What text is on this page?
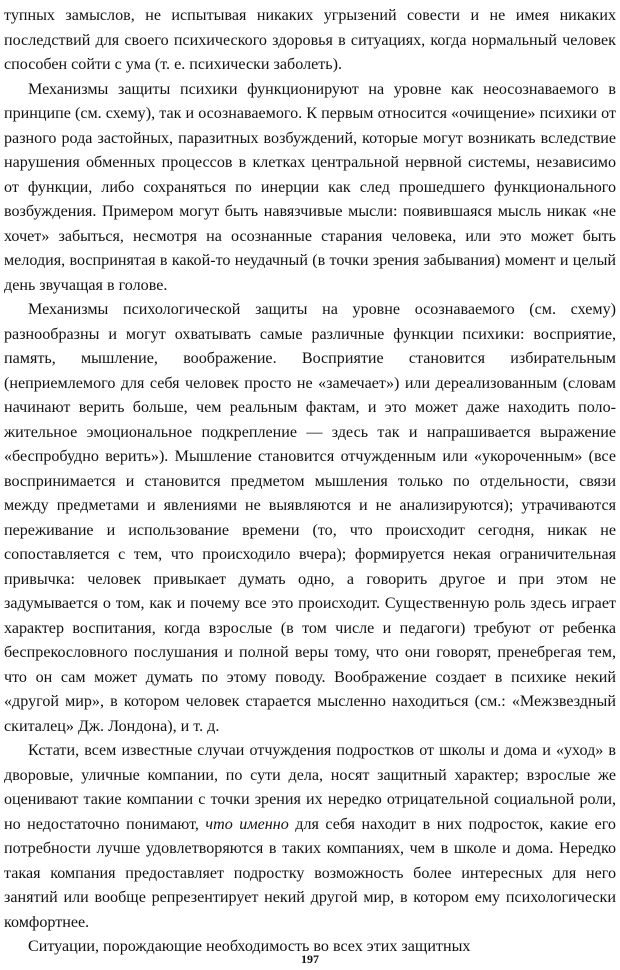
тупных замыслов, не испытывая никаких угрызений совести и не имея никаких последствий для своего психического здоровья в ситуациях, когда нормальный человек способен сойти с ума (т. е. психически заболеть).

Механизмы защиты психики функционируют на уровне как неосознаваемого в принципе (см. схему), так и осознаваемого. К первым относится «очищение» психики от разного рода застойных, паразитных возбуждений, которые могут возникать вследствие нарушения обменных процессов в клетках центральной нервной системы, независимо от функции, либо сохраняться по инерции как след прошедшего функционального возбуждения. Примером могут быть навязчивые мысли: появившаяся мысль никак «не хочет» забыться, несмотря на осознанные старания человека, или это может быть мелодия, воспринятая в какой-то неудачный (в точки зрения забывания) момент и целый день звучащая в голове.

Механизмы психологической защиты на уровне осознаваемого (см. схему) разнообразны и могут охватывать самые различные функции психики: восприятие, память, мышление, воображение. Восприятие становится избирательным (неприемлемого для себя человек просто не «замечает») или дереализованным (словам начинают верить больше, чем реальным фактам, и это может даже находить положительное эмоциональное подкрепление — здесь так и напрашивается выражение «беспробудно верить»). Мышление становится отчужденным или «укороченным» (все воспринимается и становится предметом мышления только по отдельности, связи между предметами и явлениями не выявляются и не анализируются); утрачиваются переживание и использование времени (то, что происходит сегодня, никак не сопоставляется с тем, что происходило вчера); формируется некая ограничительная привычка: человек привыкает думать одно, а говорить другое и при этом не задумывается о том, как и почему все это происходит. Существенную роль здесь играет характер воспитания, когда взрослые (в том числе и педагоги) требуют от ребенка беспрекословного послушания и полной веры тому, что они говорят, пренебрегая тем, что он сам может думать по этому поводу. Воображение создает в психике некий «другой мир», в котором человек старается мысленно находиться (см.: «Межзвездный скиталец» Дж. Лондона), и т. д.

Кстати, всем известные случаи отчуждения подростков от школы и дома и «уход» в дворовые, уличные компании, по сути дела, носят защитный характер; взрослые же оценивают такие компании с точки зрения их нередко отрицательной социальной роли, но недостаточно понимают, что именно для себя находит в них подросток, какие его потребности лучше удовлетворяются в таких компаниях, чем в школе и дома. Нередко такая компания предоставляет подростку возможность более интересных для него занятий или вообще репрезентирует некий другой мир, в котором ему психологически комфортнее.

Ситуации, порождающие необходимость во всех этих защитных

197
